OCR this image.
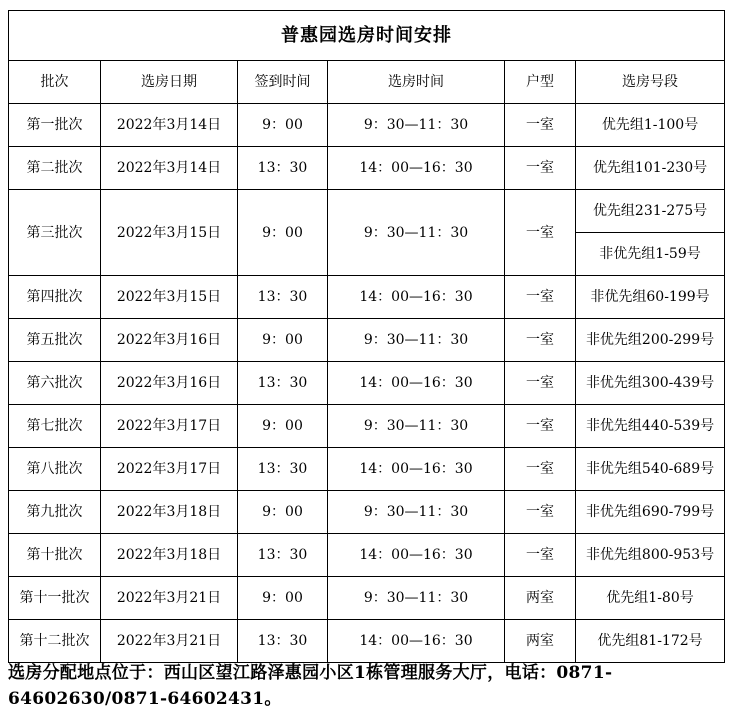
普惠园选房时间安排					
批次	选房日期	签到时间	选房时间	户型	选房号段
第一批次	2022年3月14日	9：00	9：30—11：30	一室	优先组1-100号
第二批次	2022年3月14日	13：30	14：00—16：30	一室	优先组101-230号
第三批次	2022年3月15日	9：00	9：30—11：30	一室	优先组231-275号
					非优先组1-59号
第四批次	2022年3月15日	13：30	14：00—16：30	一室	非优先组60-199号
第五批次	2022年3月16日	9：00	9：30—11：30	一室	非优先组200-299号
第六批次	2022年3月16日	13：30	14：00—16：30	一室	非优先组300-439号
第七批次	2022年3月17日	9：00	9：30—11：30	一室	非优先组440-539号
第八批次	2022年3月17日	13：30	14：00—16：30	一室	非优先组540-689号
第九批次	2022年3月18日	9：00	9：30—11：30	一室	非优先组690-799号
第十批次	2022年3月18日	13：30	14：00—16：30	一室	非优先组800-953号
第十一批次	2022年3月21日	9：00	9：30—11：30	两室	优先组1-80号
第十二批次	2022年3月21日	13：30	14：00—16：30	两室	优先组81-172号
选房分配地点位于：西山区望江路泽惠园小区1栋管理服务大厅，电话：0871-64602630/0871-64602431。
